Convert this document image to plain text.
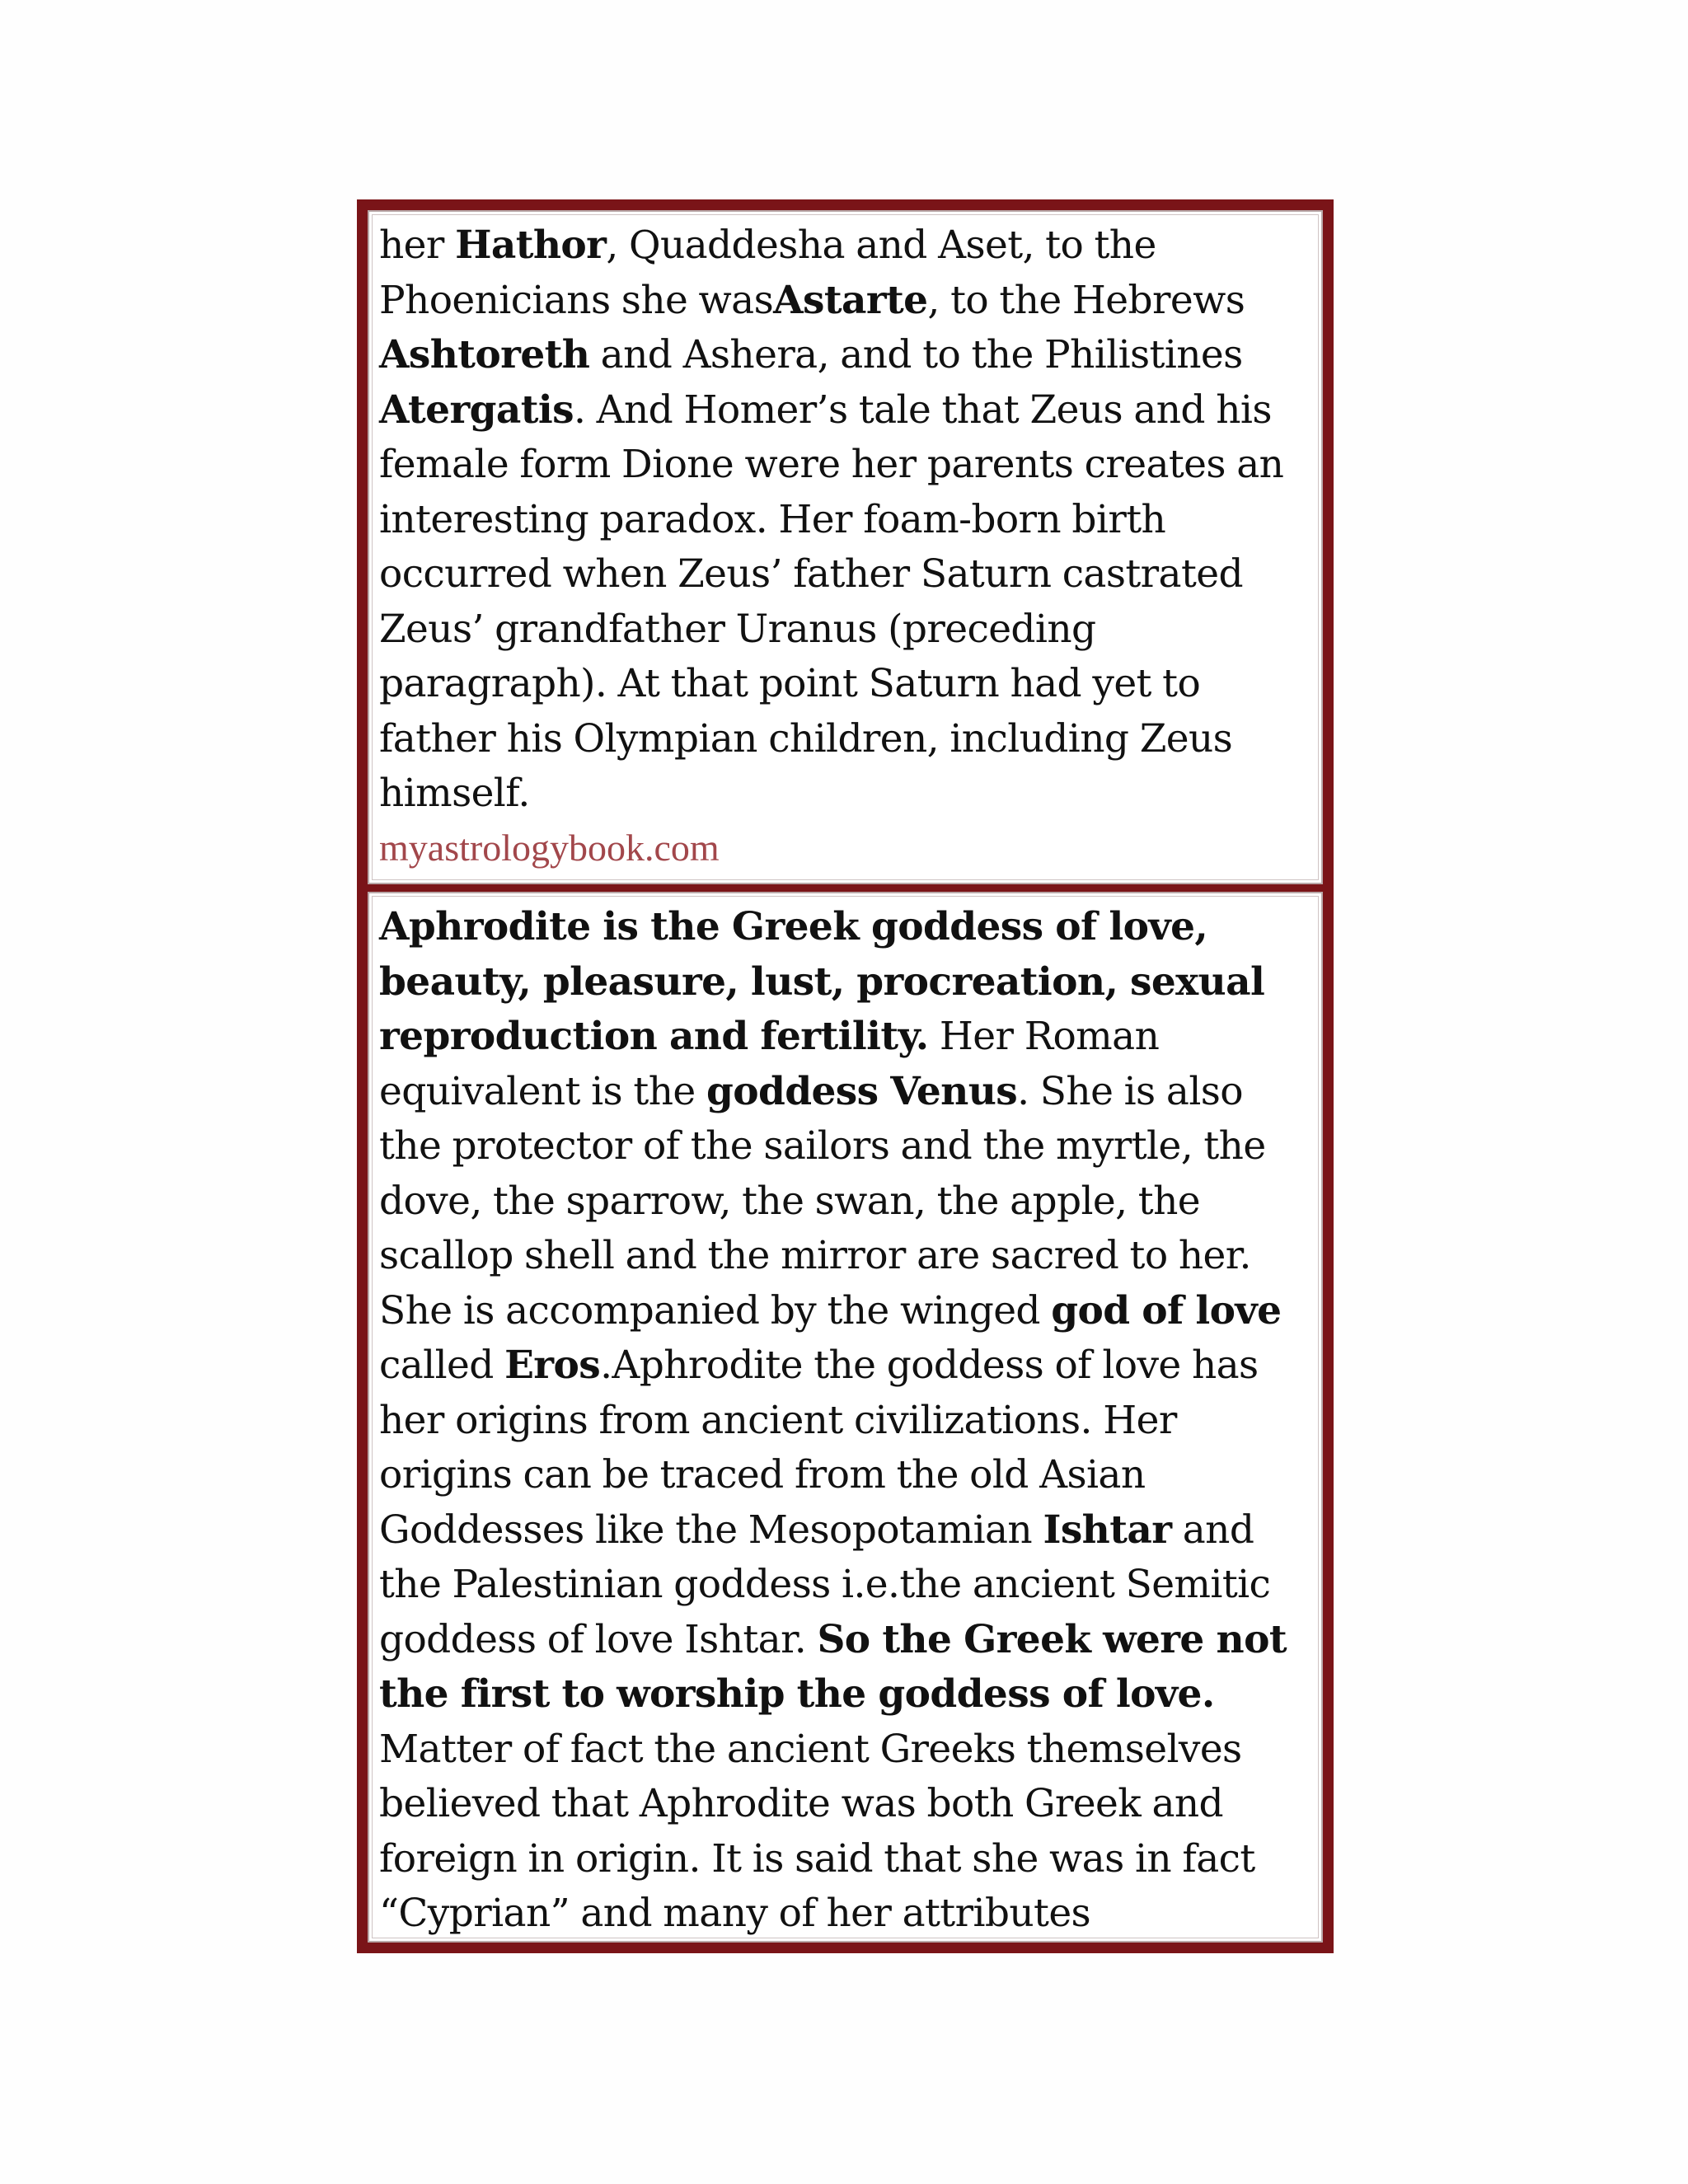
her Hathor, Quaddesha and Aset, to the Phoenicians she wasAstarte, to the Hebrews Ashtoreth and Ashera, and to the Philistines Atergatis. And Homer’s tale that Zeus and his female form Dione were her parents creates an interesting paradox. Her foam-born birth occurred when Zeus’ father Saturn castrated Zeus’ grandfather Uranus (preceding paragraph). At that point Saturn had yet to father his Olympian children, including Zeus himself.

myastrologybook.com

Aphrodite is the Greek goddess of love, beauty, pleasure, lust, procreation, sexual reproduction and fertility. Her Roman equivalent is the goddess Venus. She is also the protector of the sailors and the myrtle, the dove, the sparrow, the swan, the apple, the scallop shell and the mirror are sacred to her. She is accompanied by the winged god of love called Eros.Aphrodite the goddess of love has her origins from ancient civilizations. Her origins can be traced from the old Asian Goddesses like the Mesopotamian Ishtar and the Palestinian goddess i.e.the ancient Semitic goddess of love Ishtar. So the Greek were not the first to worship the goddess of love. Matter of fact the ancient Greeks themselves believed that Aphrodite was both Greek and foreign in origin. It is said that she was in fact “Cyprian” and many of her attributes
